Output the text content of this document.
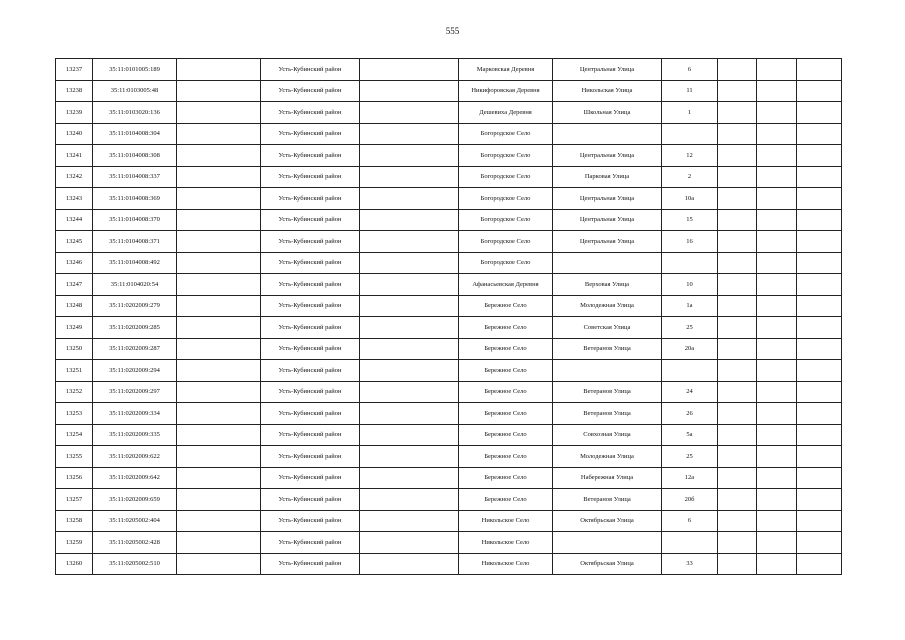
555
13237	35:11:0101005:189		Усть-Кубинский район		Марковская Деревня	Центральная Улица	6			
13238	35:11:0103005:48		Усть-Кубинский район		Никифоровская Деревня	Никольская Улица	11			
13239	35:11:0103020:136		Усть-Кубинский район		Дешевиха Деревня	Школьная Улица	1			
13240	35:11:0104008:304		Усть-Кубинский район		Богородское Село					
13241	35:11:0104008:308		Усть-Кубинский район		Богородское Село	Центральная Улица	12			
13242	35:11:0104008:337		Усть-Кубинский район		Богородское Село	Парковая Улица	2			
13243	35:11:0104008:369		Усть-Кубинский район		Богородское Село	Центральная Улица	10а			
13244	35:11:0104008:370		Усть-Кубинский район		Богородское Село	Центральная Улица	15			
13245	35:11:0104008:371		Усть-Кубинский район		Богородское Село	Центральная Улица	16			
13246	35:11:0104008:492		Усть-Кубинский район		Богородское Село					
13247	35:11:0104020:54		Усть-Кубинский район		Афанасьевская Деревня	Верховая Улица	10			
13248	35:11:0202009:279		Усть-Кубинский район		Бережное Село	Молодежная Улица	1а			
13249	35:11:0202009:285		Усть-Кубинский район		Бережное Село	Советская Улица	25			
13250	35:11:0202009:287		Усть-Кубинский район		Бережное Село	Ветеранов Улица	20а			
13251	35:11:0202009:294		Усть-Кубинский район		Бережное Село					
13252	35:11:0202009:297		Усть-Кубинский район		Бережное Село	Ветеранов Улица	24			
13253	35:11:0202009:334		Усть-Кубинский район		Бережное Село	Ветеранов Улица	26			
13254	35:11:0202009:335		Усть-Кубинский район		Бережное Село	Совхозная Улица	5а			
13255	35:11:0202009:622		Усть-Кубинский район		Бережное Село	Молодежная Улица	25			
13256	35:11:0202009:642		Усть-Кубинский район		Бережное Село	Набережная Улица	12а			
13257	35:11:0202009:659		Усть-Кубинский район		Бережное Село	Ветеранов Улица	20б			
13258	35:11:0205002:404		Усть-Кубинский район		Никольское Село	Октябрьская Улица	6			
13259	35:11:0205002:428		Усть-Кубинский район		Никольское Село					
13260	35:11:0205002:510		Усть-Кубинский район		Никольское Село	Октябрьская Улица	33			
